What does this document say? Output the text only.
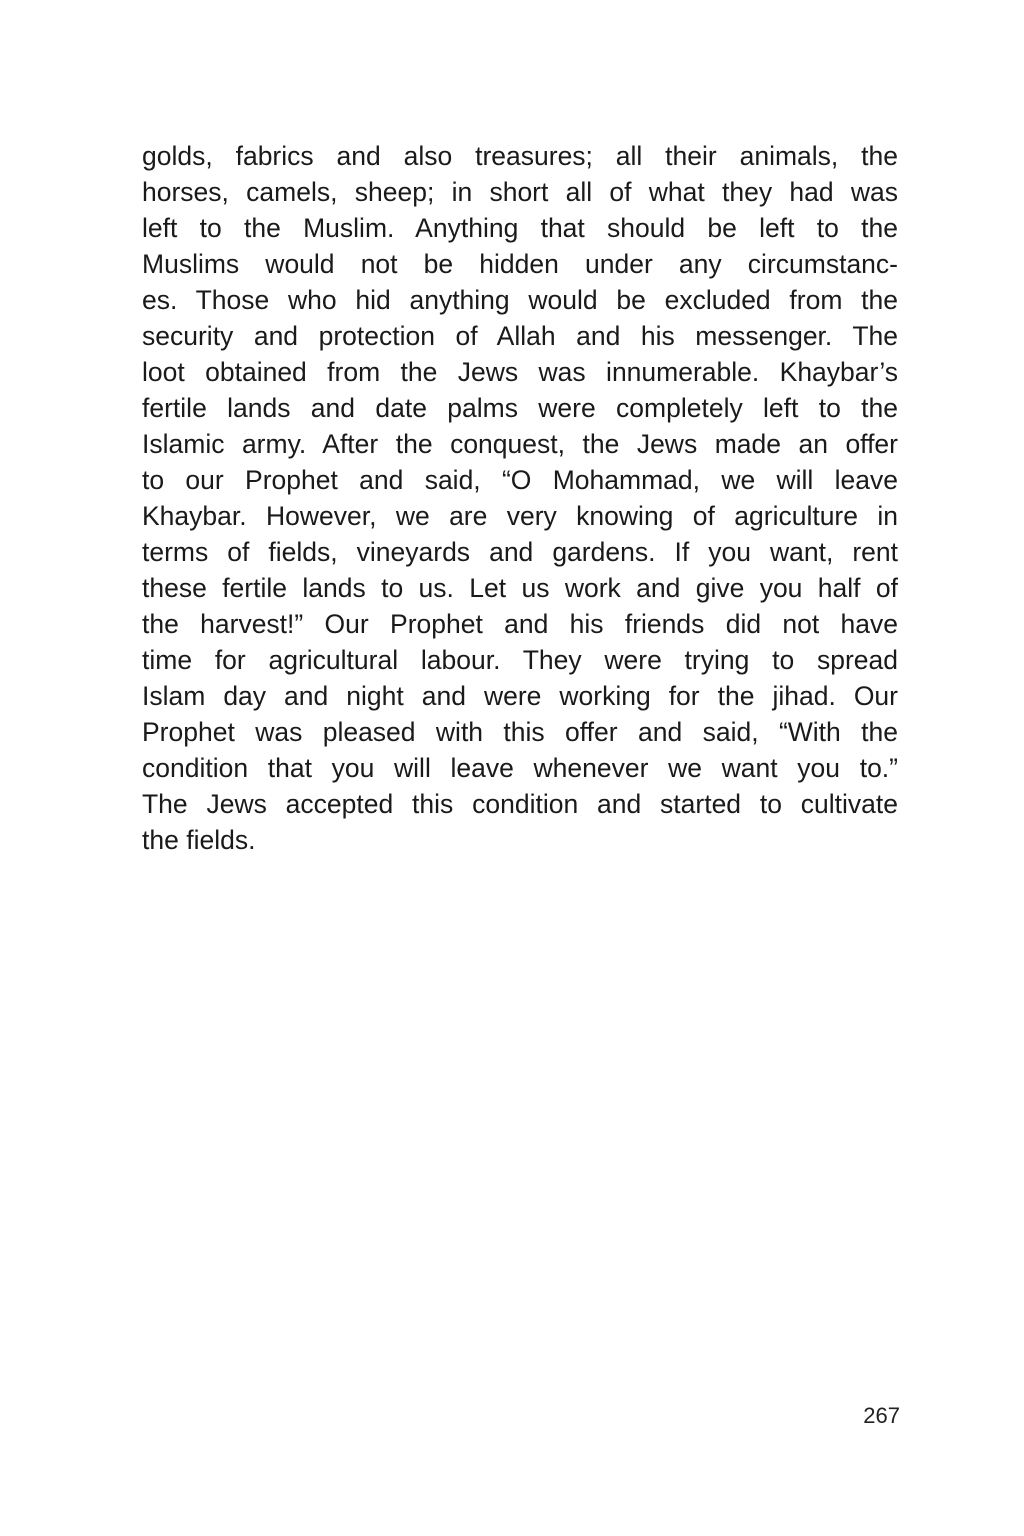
golds, fabrics and also treasures; all their animals, the
horses, camels, sheep; in short all of what they had was
left to the Muslim. Anything that should be left to the
Muslims would not be hidden under any circumstanc-
es. Those who hid anything would be excluded from the
security and protection of Allah and his messenger. The
loot obtained from the Jews was innumerable. Khaybar’s
fertile lands and date palms were completely left to the
Islamic army. After the conquest, the Jews made an offer
to our Prophet and said, “O Mohammad, we will leave
Khaybar. However, we are very knowing of agriculture in
terms of fields, vineyards and gardens. If you want, rent
these fertile lands to us. Let us work and give you half of
the harvest!” Our Prophet and his friends did not have
time for agricultural labour. They were trying to spread
Islam day and night and were working for the jihad. Our
Prophet was pleased with this offer and said, “With the
condition that you will leave whenever we want you to.”
The Jews accepted this condition and started to cultivate
the fields.
267
